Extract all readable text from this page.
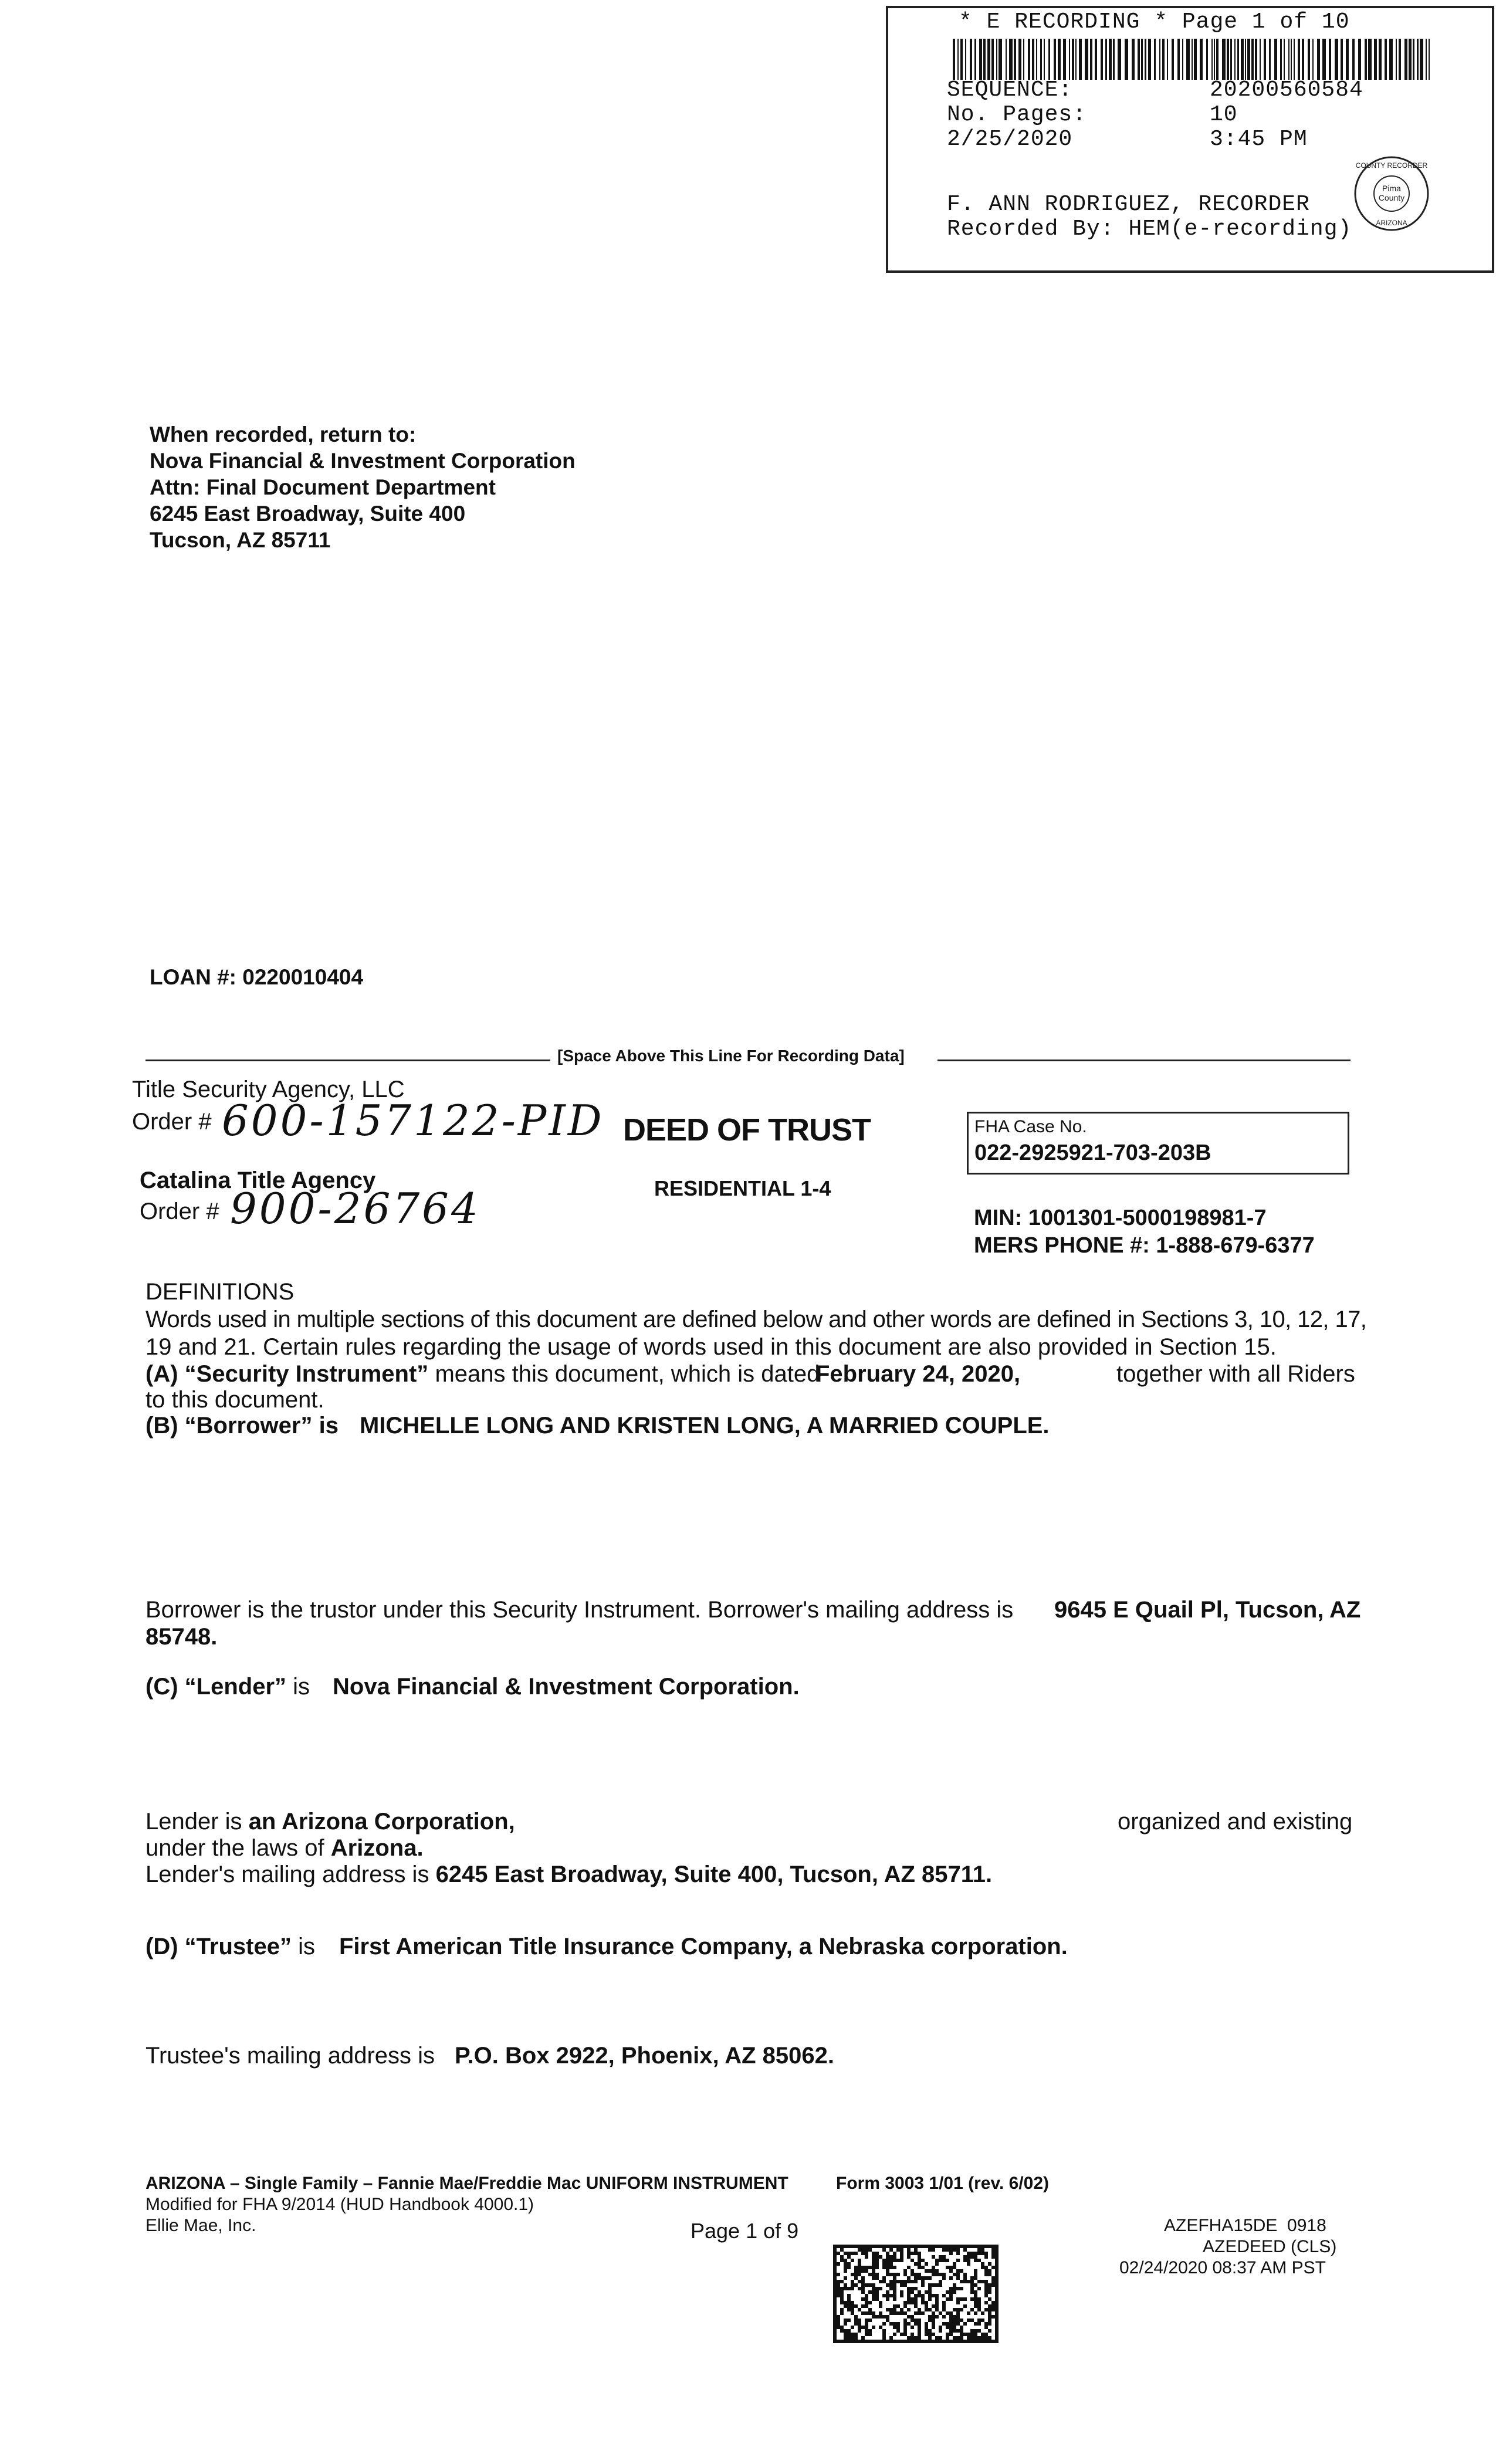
* E RECORDING * Page 1 of 10
SEQUENCE:	20200560584
No. Pages:	10
2/25/2020	3:45 PM
F. ANN RODRIGUEZ, RECORDER
Recorded By: HEM(e-recording)
Pima
County
COUNTY RECORDER
ARIZONA
When recorded, return to:
Nova Financial & Investment Corporation
Attn: Final Document Department
6245 East Broadway, Suite 400
Tucson, AZ 85711
LOAN #: 0220010404
[Space Above This Line For Recording Data]
Title Security Agency, LLC
Order # 600-157122-PID DEED OF TRUST
RESIDENTIAL 1-4
FHA Case No.
022-2925921-703-203B
Catalina Title Agency
Order # 900-26764	MIN: 1001301-5000198981-7
MERS PHONE #: 1-888-679-6377
DEFINITIONS
Words used in multiple sections of this document are defined below and other words are defined in Sections 3, 10, 12, 17,
19 and 21. Certain rules regarding the usage of words used in this document are also provided in Section 15.
(A) “Security Instrument” means this document, which is dated
February 24, 2020,	together with all Riders
to this document.
(B) “Borrower” is MICHELLE LONG AND KRISTEN LONG, A MARRIED COUPLE.
Borrower is the trustor under this Security Instrument. Borrower's mailing address is 9645 E Quail Pl, Tucson, AZ
85748.
(C) “Lender” is Nova Financial & Investment Corporation.
Lender is an Arizona Corporation,	organized and existing
under the laws of Arizona.
Lender's mailing address is 6245 East Broadway, Suite 400, Tucson, AZ 85711.
(D) “Trustee” is First American Title Insurance Company, a Nebraska corporation.
Trustee's mailing address is P.O. Box 2922, Phoenix, AZ 85062.
ARIZONA – Single Family – Fannie Mae/Freddie Mac UNIFORM INSTRUMENT	Form 3003 1/01 (rev. 6/02)
Modified for FHA 9/2014 (HUD Handbook 4000.1)
Ellie Mae, Inc.	Page 1 of 9	AZEFHA15DE  0918
AZEDEED (CLS)
02/24/2020 08:37 AM PST
